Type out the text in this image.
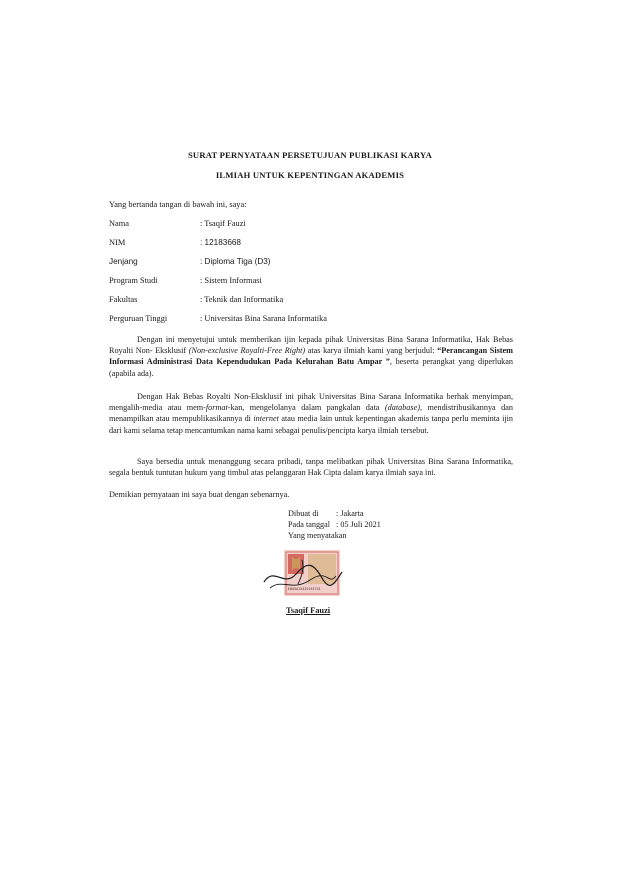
SURAT PERNYATAAN PERSETUJUAN PUBLIKASI KARYA
ILMIAH UNTUK KEPENTINGAN AKADEMIS
Yang bertanda tangan di bawah ini, saya:
Nama	: Tsaqif Fauzi
NIM	: 12183668
Jenjang	: Diploma Tiga (D3)
Program Studi	: Sistem Informasi
Fakultas	: Teknik dan Informatika
Perguruan Tinggi	: Universitas Bina Sarana Informatika
Dengan ini menyetujui untuk memberikan ijin kepada pihak Universitas Bina Sarana Informatika, Hak Bebas Royalti Non- Eksklusif (Non-exclusive Royalti-Free Right) atas karya ilmiah kami yang berjudul: “Perancangan Sistem Informasi Administrasi Data Kependudukan Pada Kelurahan Batu Ampar ”, beserta perangkat yang diperlukan (apabila ada).
Dengan Hak Bebas Royalti Non-Eksklusif ini pihak Universitas Bina Sarana Informatika berhak menyimpan, mengalih-media atau mem-format-kan, mengelolanya dalam pangkalan data (database), mendistribusikannya dan menampilkan atau mempublikasikannya di internet atau media lain untuk kepentingan akademis tanpa perlu meminta ijin dari kami selama tetap mencantumkan nama kami sebagai penulis/pencipta karya ilmiah tersebut.
Saya bersedia untuk menanggung secara pribadi, tanpa melibatkan pihak Universitas Bina Sarana Informatika, segala bentuk tuntutan hukum yang timbul atas pelanggaran Hak Cipta dalam karya ilmiah saya ini.
Demikian pernyataan ini saya buat dengan sebenarnya.
Dibuat di : Jakarta
Pada tanggal : 05 Juli 2021
Yang menyatakan
E0A5AJX425161741
Tsaqif Fauzi
